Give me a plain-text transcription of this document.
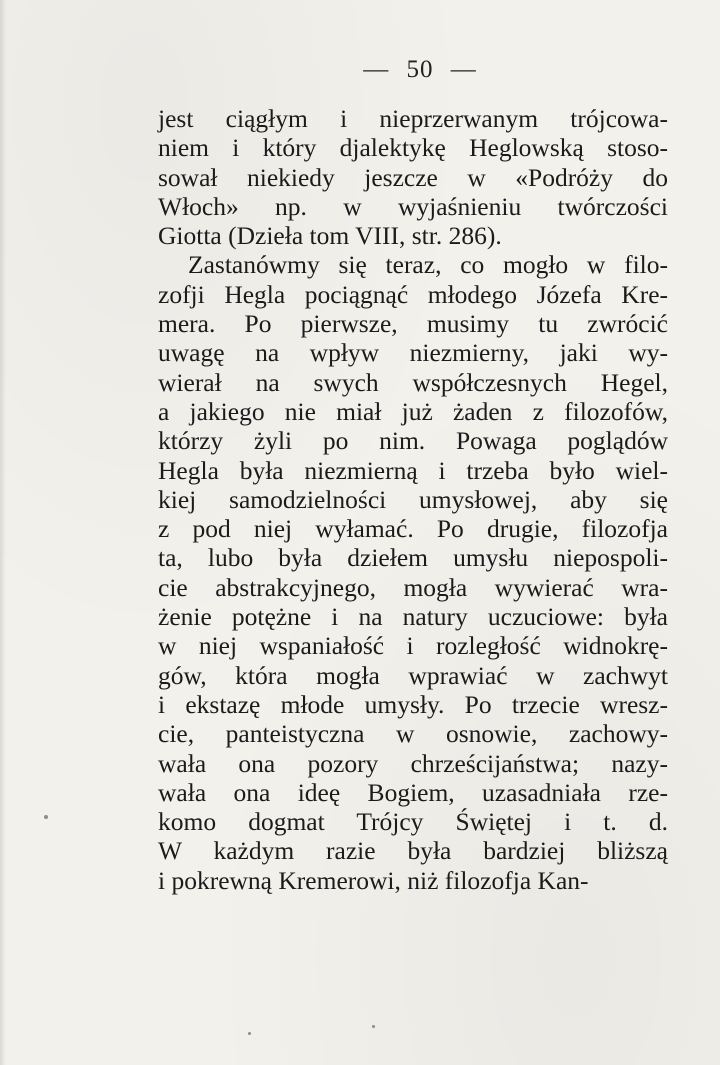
— 50 —
jest ciągłym i nieprzerwanym trójcowa-
niem i który djalektykę Heglowską stoso-
sował niekiedy jeszcze w «Podróży do
Włoch» np. w wyjaśnieniu twórczości
Giotta (Dzieła tom VIII, str. 286).
Zastanówmy się teraz, co mogło w filo-
zofji Hegla pociągnąć młodego Józefa Kre-
mera. Po pierwsze, musimy tu zwrócić
uwagę na wpływ niezmierny, jaki wy-
wierał na swych współczesnych Hegel,
a jakiego nie miał już żaden z filozofów,
którzy żyli po nim. Powaga poglądów
Hegla była niezmierną i trzeba było wiel-
kiej samodzielności umysłowej, aby się
z pod niej wyłamać. Po drugie, filozofja
ta, lubo była dziełem umysłu niepospoli-
cie abstrakcyjnego, mogła wywierać wra-
żenie potężne i na natury uczuciowe: była
w niej wspaniałość i rozległość widnokrę-
gów, która mogła wprawiać w zachwyt
i ekstazę młode umysły. Po trzecie wresz-
cie, panteistyczna w osnowie, zachowy-
wała ona pozory chrześcijaństwa; nazy-
wała ona ideę Bogiem, uzasadniała rze-
komo dogmat Trójcy Świętej i t. d.
W każdym razie była bardziej bliższą
i pokrewną Kremerowi, niż filozofja Kan-
